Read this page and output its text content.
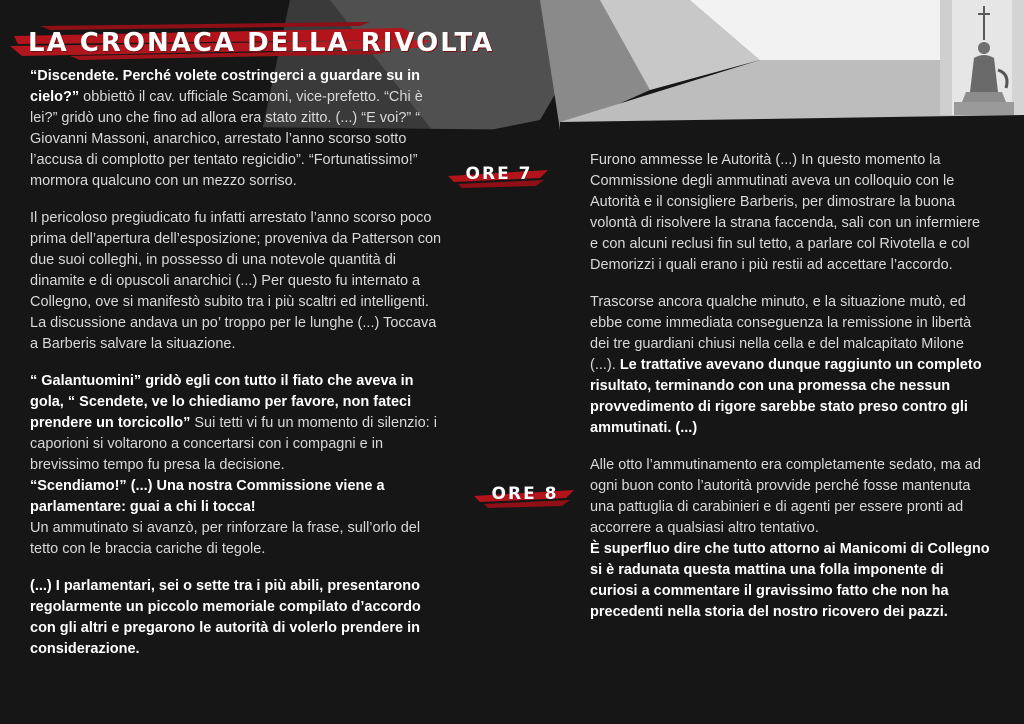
LA CRONACA DELLA RIVOLTA

“Discendete. Perché volete costringerci a guardare su in cielo?” obbiettò il cav. ufficiale Scamoni, vice-prefetto. “Chi è lei?” gridò uno che fino ad allora era stato zitto. (...) “E voi?” “ Giovanni Massoni, anarchico, arrestato l’anno scorso sotto l’accusa di complotto per tentato regicidio”. “Fortunatissimo!” mormora qualcuno con un mezzo sorriso.

Il pericoloso pregiudicato fu infatti arrestato l’anno scorso poco prima dell’apertura dell’esposizione; proveniva da Patterson con due suoi colleghi, in possesso di una notevole quantità di dinamite e di opuscoli anarchici (...) Per questo fu internato a Collegno, ove si manifestò subito tra i più scaltri ed intelligenti. La discussione andava un po’ troppo per le lunghe (...) Toccava a Barberis salvare la situazione.

“ Galantuomini” gridò egli con tutto il fiato che aveva in gola, “ Scendete, ve lo chiediamo per favore, non fateci prendere un torcicollo” Sui tetti vi fu un momento di silenzio: i caporioni si voltarono a concertarsi con i compagni e in brevissimo tempo fu presa la decisione.
“Scendiamo!” (...) Una nostra Commissione viene a parlamentare: guai a chi li tocca!
Un ammutinato si avanzò, per rinforzare la frase, sull’orlo del tetto con le braccia cariche di tegole.

(...) I parlamentari, sei o sette tra i più abili, presentarono regolarmente un piccolo memoriale compilato d’accordo con gli altri e pregarono le autorità di volerlo prendere in considerazione.

ORE 7
ORE 8

Furono ammesse le Autorità (...) In questo momento la Commissione degli ammutinati aveva un colloquio con le Autorità e il consigliere Barberis, per dimostrare la buona volontà di risolvere la strana faccenda, salì con un infermiere e con alcuni reclusi fin sul tetto, a parlare col Rivotella e col Demorizzi i quali erano i più restii ad accettare l’accordo.

Trascorse ancora qualche minuto, e la situazione mutò, ed ebbe come immediata conseguenza la remissione in libertà dei tre guardiani chiusi nella cella e del malcapitato Milone (...). Le trattative avevano dunque raggiunto un completo risultato, terminando con una promessa che nessun provvedimento di rigore sarebbe stato preso contro gli ammutinati. (...)

Alle otto l’ammutinamento era completamente sedato, ma ad ogni buon conto l’autorità provvide perché fosse mantenuta una pattuglia di carabinieri e di agenti per essere pronti ad accorrere a qualsiasi altro tentativo.
È superfluo dire che tutto attorno ai Manicomi di Collegno si è radunata questa mattina una folla imponente di curiosi a commentare il gravissimo fatto che non ha precedenti nella storia del nostro ricovero dei pazzi.
